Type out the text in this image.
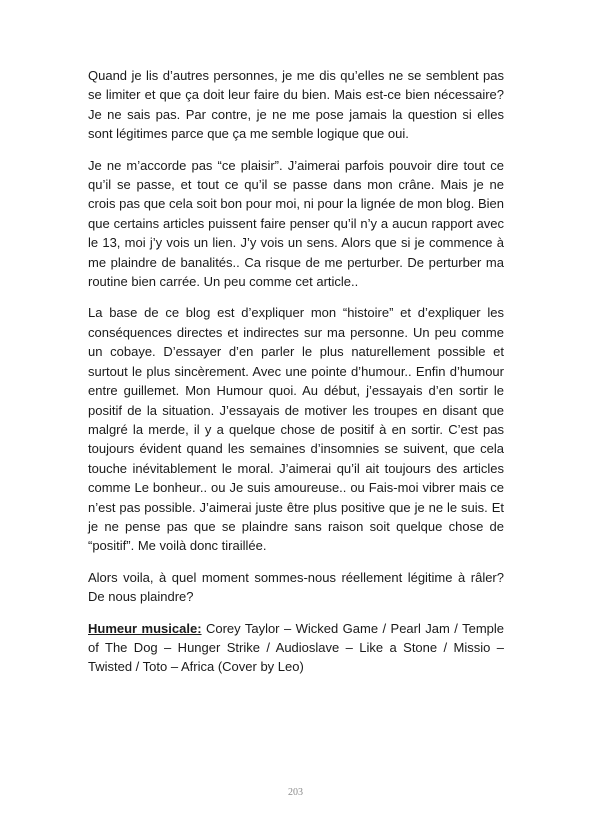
Quand je lis d’autres personnes, je me dis qu’elles ne se semblent pas se limiter et que ça doit leur faire du bien. Mais est-ce bien nécessaire? Je ne sais pas. Par contre, je ne me pose jamais la question si elles sont légitimes parce que ça me semble logique que oui.

Je ne m’accorde pas “ce plaisir”. J’aimerai parfois pouvoir dire tout ce qu’il se passe, et tout ce qu’il se passe dans mon crâne. Mais je ne crois pas que cela soit bon pour moi, ni pour la lignée de mon blog. Bien que certains articles puissent faire penser qu’il n’y a aucun rapport avec le 13, moi j’y vois un lien. J’y vois un sens. Alors que si je commence à me plaindre de banalités.. Ca risque de me perturber. De perturber ma routine bien carrée. Un peu comme cet article..

La base de ce blog est d’expliquer mon “histoire” et d’expliquer les conséquences directes et indirectes sur ma personne. Un peu comme un cobaye. D’essayer d’en parler le plus naturellement possible et surtout le plus sincèrement. Avec une pointe d’humour.. Enfin d’humour entre guillemet. Mon Humour quoi. Au début, j’essayais d’en sortir le positif de la situation. J’essayais de motiver les troupes en disant que malgré la merde, il y a quelque chose de positif à en sortir. C’est pas toujours évident quand les semaines d’insomnies se suivent, que cela touche inévitablement le moral. J’aimerai qu’il ait toujours des articles comme Le bonheur.. ou Je suis amoureuse.. ou Fais-moi vibrer mais ce n’est pas possible. J’aimerai juste être plus positive que je ne le suis. Et je ne pense pas que se plaindre sans raison soit quelque chose de “positif”. Me voilà donc tiraillée.

Alors voila, à quel moment sommes-nous réellement légitime à râler? De nous plaindre?

Humeur musicale: Corey Taylor – Wicked Game / Pearl Jam / Temple of The Dog – Hunger Strike / Audioslave – Like a Stone / Missio – Twisted / Toto – Africa (Cover by Leo)

203
